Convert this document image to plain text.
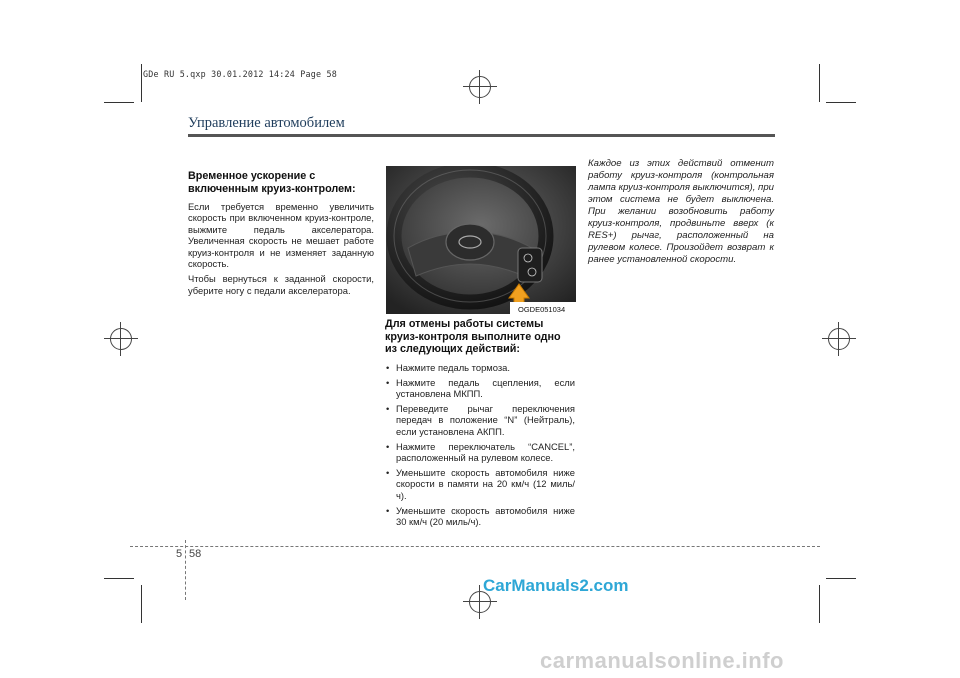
GDe RU 5.qxp 30.01.2012 14:24 Page 58
Управление автомобилем
Временное ускорение с включенным круиз-контролем:

Если требуется временно увеличить скорость при включенном круиз-контроле, выжмите педаль акселератора. Увеличенная скорость не мешает работе круиз-контроля и не изменяет заданную скорость.

Чтобы вернуться к заданной скорости, уберите ногу с педали акселератора.

OGDE051034
Для отмены работы системы круиз-контроля выполните одно из следующих действий:
• Нажмите педаль тормоза.
• Нажмите педаль сцепления, если установлена МКПП.
• Переведите рычаг переключения передач в положение “N” (Нейтраль), если установлена АКПП.
• Нажмите переключатель “CANCEL”, расположенный на рулевом колесе.
• Уменьшите скорость автомобиля ниже скорости в памяти на 20 км/ч (12 миль/ч).
• Уменьшите скорость автомобиля ниже 30 км/ч (20 миль/ч).

Каждое из этих действий отменит работу круиз-контроля (контрольная лампа круиз-контроля выключится), при этом система не будет выключена. При желании возобновить работу круиз-контроля, продвиньте вверх (к RES+) рычаг, расположенный на рулевом колесе. Произойдет возврат к ранее установленной скорости.

5 58
CarManuals2.com
carmanualsonline.info
